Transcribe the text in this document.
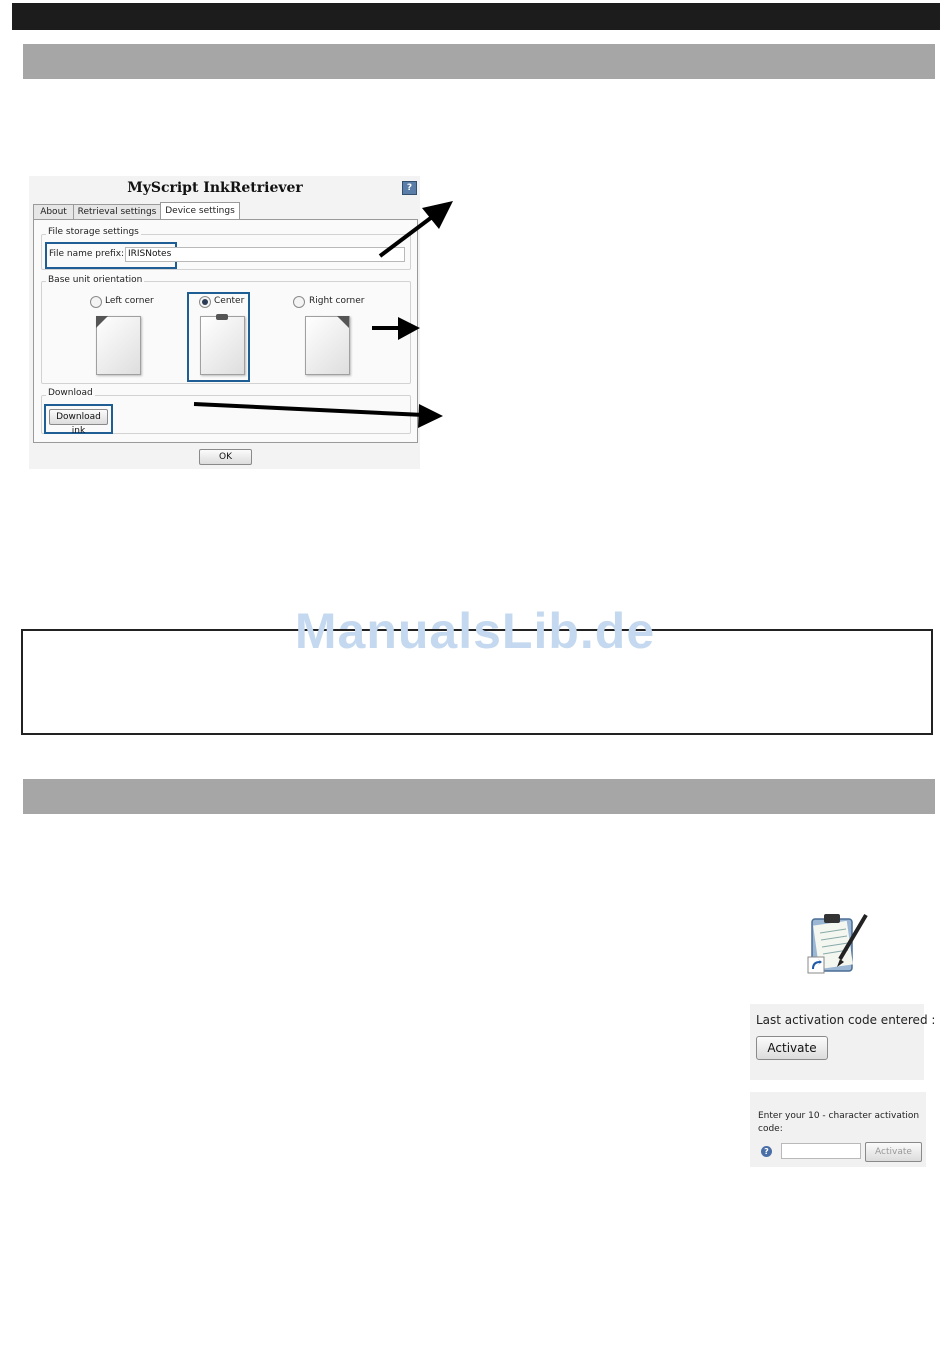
MyScript InkRetriever	?
About	Retrieval settings Device settings
File storage settings
File name prefix: IRISNotes
Base unit orientation
Left corner	Center	Right corner
Download
Download ink
OK
ManualsLib.de
Last activation code entered :
Activate
Enter your 10 - character activation code:
?	Activate
